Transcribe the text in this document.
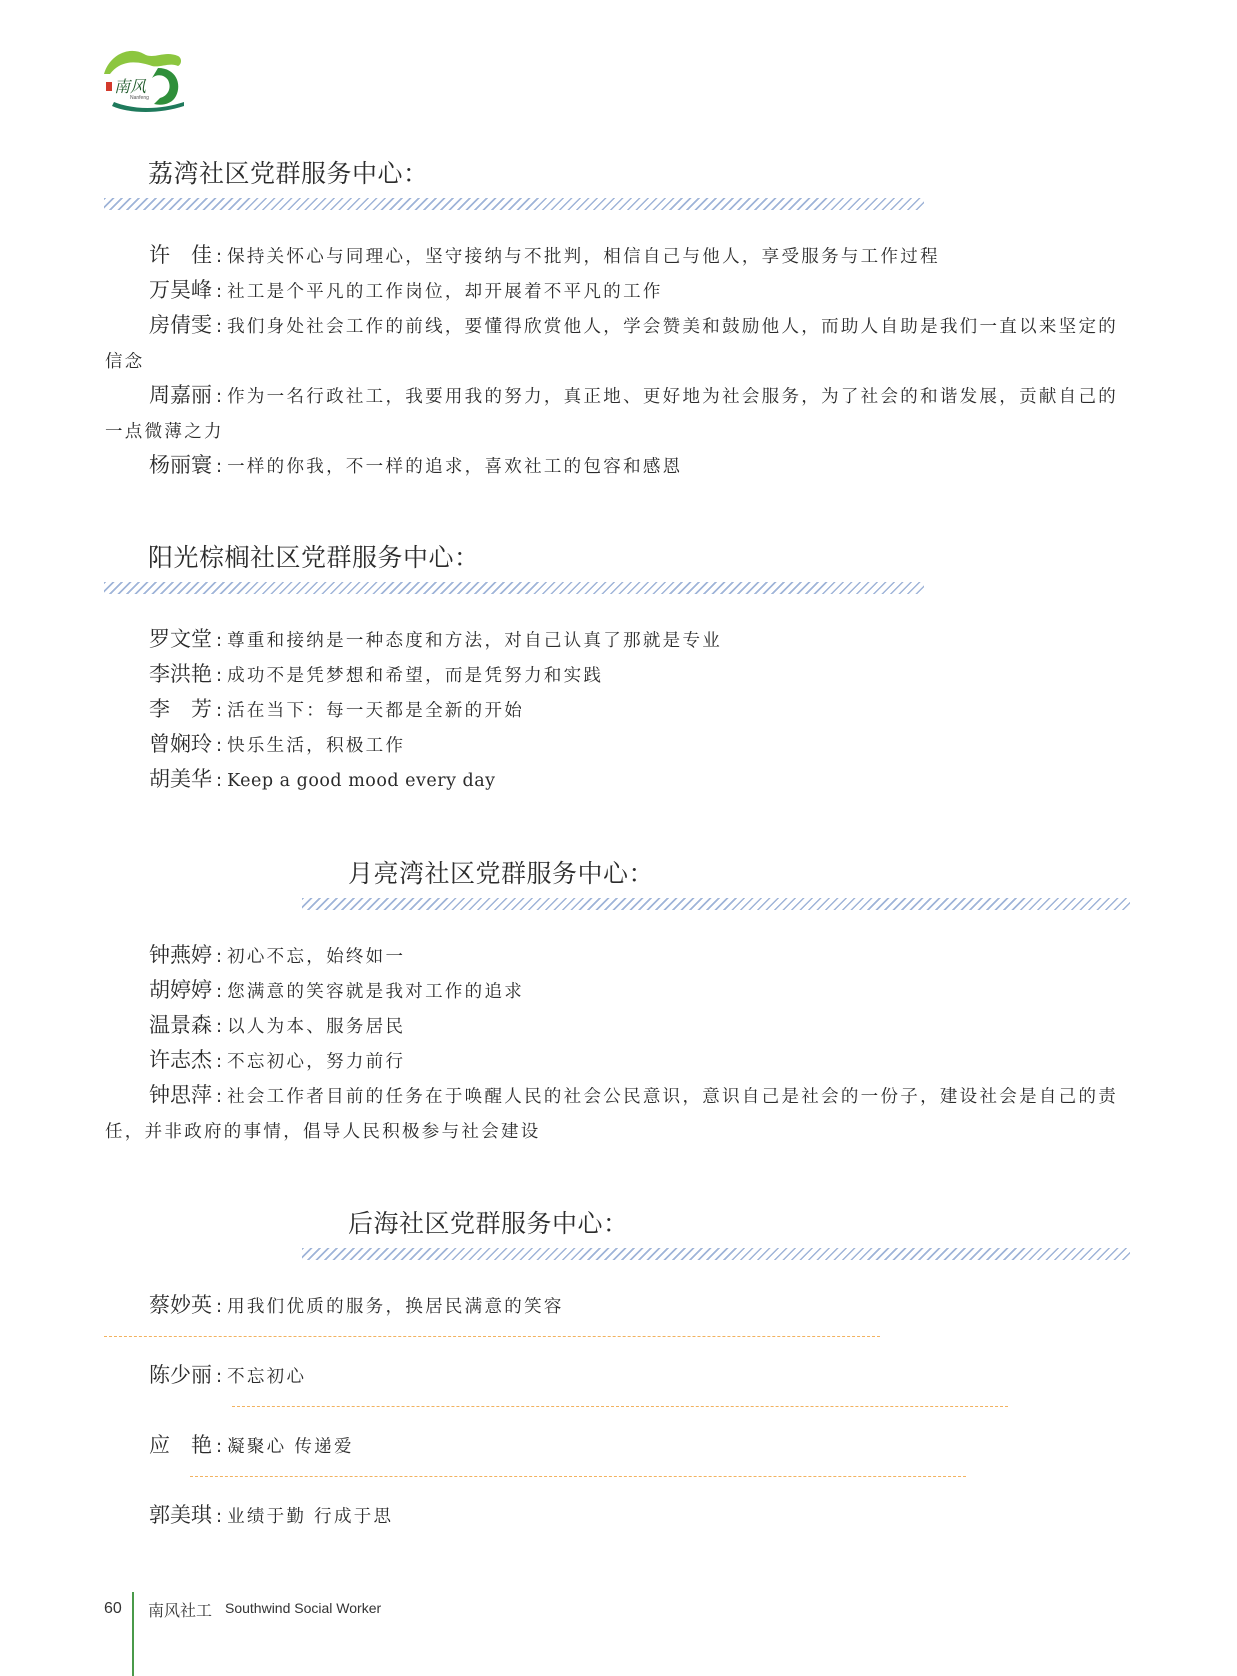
南风
Nanfeng
荔湾社区党群服务中心：
许　佳 : 保持关怀心与同理心，坚守接纳与不批判，相信自己与他人，享受服务与工作过程
万昊峰 : 社工是个平凡的工作岗位，却开展着不平凡的工作
房倩雯 : 我们身处社会工作的前线，要懂得欣赏他人，学会赞美和鼓励他人，而助人自助是我们一直以来坚定的信念
周嘉丽 : 作为一名行政社工，我要用我的努力，真正地、更好地为社会服务，为了社会的和谐发展，贡献自己的一点微薄之力
杨丽寰 : 一样的你我，不一样的追求，喜欢社工的包容和感恩
阳光棕榈社区党群服务中心：
罗文堂 : 尊重和接纳是一种态度和方法，对自己认真了那就是专业
李洪艳 : 成功不是凭梦想和希望，而是凭努力和实践
李　芳 : 活在当下：每一天都是全新的开始
曾娴玲 : 快乐生活，积极工作
胡美华 : Keep a good mood every day
月亮湾社区党群服务中心：
钟燕婷 : 初心不忘，始终如一
胡婷婷 : 您满意的笑容就是我对工作的追求
温景森 : 以人为本、服务居民
许志杰 : 不忘初心，努力前行
钟思萍 : 社会工作者目前的任务在于唤醒人民的社会公民意识，意识自己是社会的一份子，建设社会是自己的责任，并非政府的事情，倡导人民积极参与社会建设
后海社区党群服务中心：
蔡妙英 : 用我们优质的服务，换居民满意的笑容
陈少丽 : 不忘初心
应　艳 : 凝聚心 传递爱
郭美琪 : 业绩于勤 行成于思
60 南风社工 Southwind Social Worker
